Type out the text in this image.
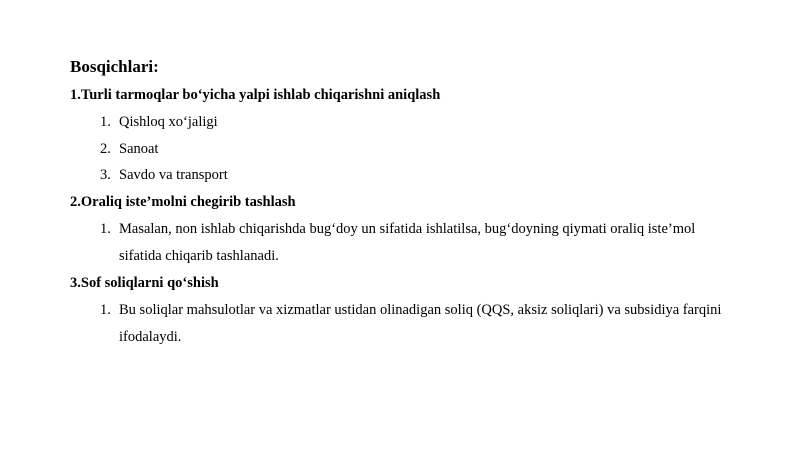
Bosqichlari:
1.Turli tarmoqlar bo‘yicha yalpi ishlab chiqarishni aniqlash
1. Qishloq xo‘jaligi
2. Sanoat
3. Savdo va transport
2.Oraliq iste’molni chegirib tashlash
1. Masalan, non ishlab chiqarishda bug‘doy un sifatida ishlatilsa, bug‘doyning qiymati oraliq iste’mol sifatida chiqarib tashlanadi.
3.Sof soliqlarni qo‘shish
1. Bu soliqlar mahsulotlar va xizmatlar ustidan olinadigan soliq (QQS, aksiz soliqlari) va subsidiya farqini ifodalaydi.
